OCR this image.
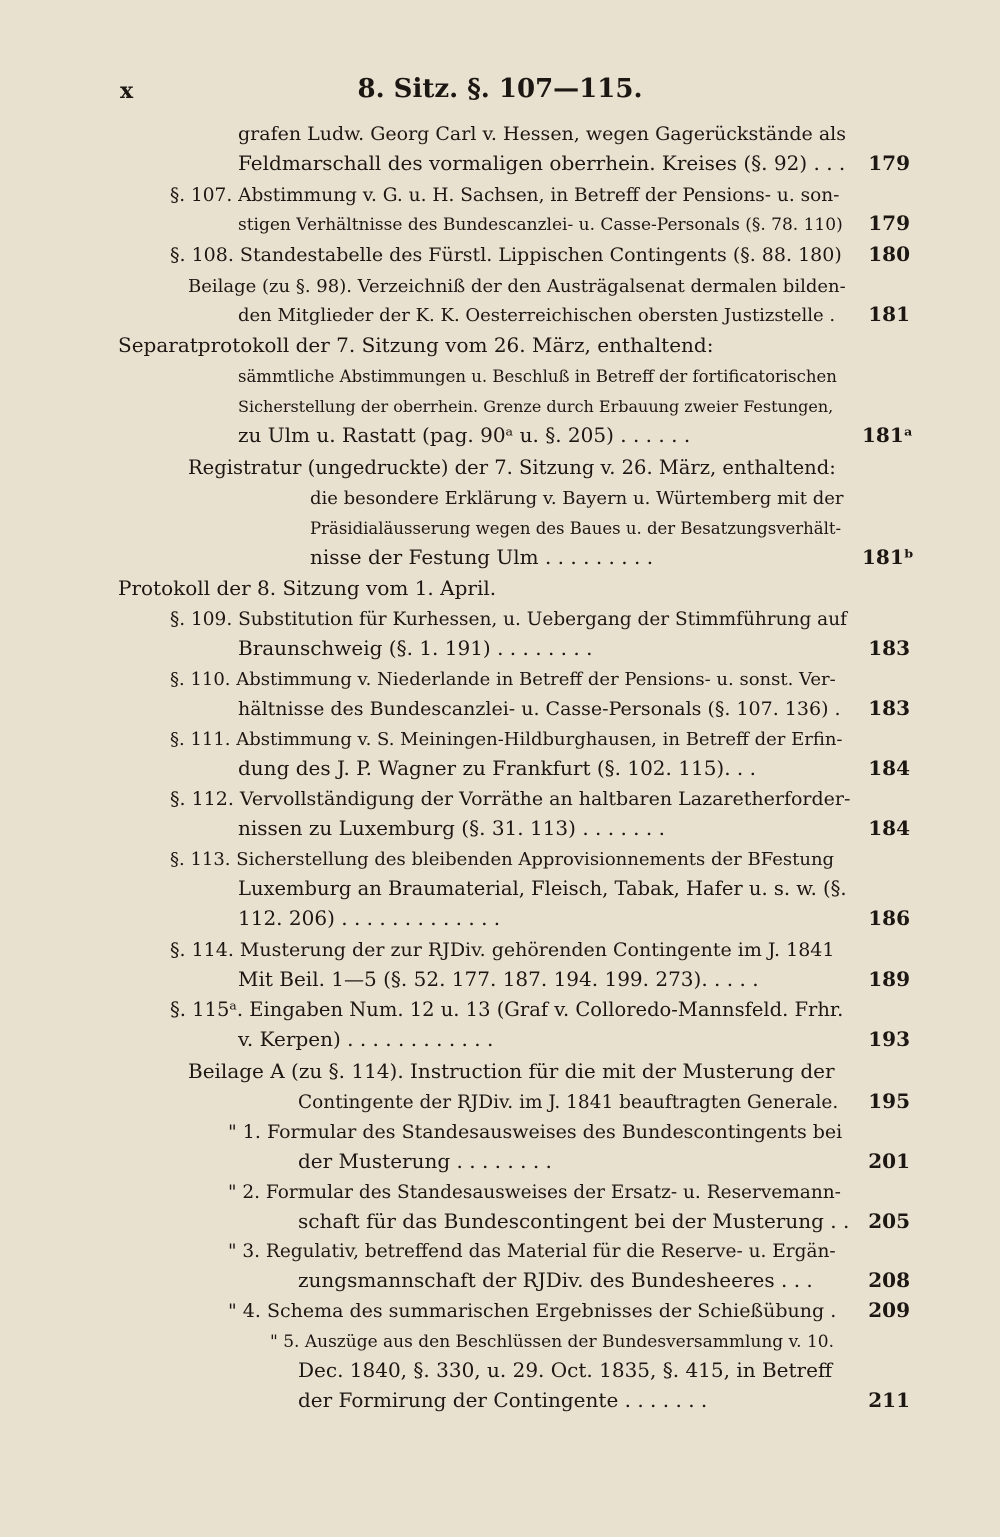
x	8. Sitz. §. 107—115.
grafen Ludw. Georg Carl v. Hessen, wegen Gagerückstände als
Feldmarschall des vormaligen oberrhein. Kreises (§. 92) . . .	179
§. 107. Abstimmung v. G. u. H. Sachsen, in Betreff der Pensions- u. son-
stigen Verhältnisse des Bundescanzlei- u. Casse-Personals (§. 78. 110)	179
§. 108. Standestabelle des Fürstl. Lippischen Contingents (§. 88. 180)	180
Beilage (zu §. 98). Verzeichniß der den Austrägalsenat dermalen bilden-
den Mitglieder der K. K. Oesterreichischen obersten Justizstelle .	181
Separatprotokoll der 7. Sitzung vom 26. März, enthaltend:
sämmtliche Abstimmungen u. Beschluß in Betreff der fortificatorischen
Sicherstellung der oberrhein. Grenze durch Erbauung zweier Festungen,
zu Ulm u. Rastatt (pag. 90ᵃ u. §. 205) . . . . . .	181ᵃ
Registratur (ungedruckte) der 7. Sitzung v. 26. März, enthaltend:
die besondere Erklärung v. Bayern u. Würtemberg mit der
Präsidialäusserung wegen des Baues u. der Besatzungsverhält-
nisse der Festung Ulm . . . . . . . . .	181ᵇ
Protokoll der 8. Sitzung vom 1. April.
§. 109. Substitution für Kurhessen, u. Uebergang der Stimmführung auf
Braunschweig (§. 1. 191) . . . . . . . .	183
§. 110. Abstimmung v. Niederlande in Betreff der Pensions- u. sonst. Ver-
hältnisse des Bundescanzlei- u. Casse-Personals (§. 107. 136) .	183
§. 111. Abstimmung v. S. Meiningen-Hildburghausen, in Betreff der Erfin-
dung des J. P. Wagner zu Frankfurt (§. 102. 115). . .	184
§. 112. Vervollständigung der Vorräthe an haltbaren Lazaretherforder-
nissen zu Luxemburg (§. 31. 113) . . . . . . .	184
§. 113. Sicherstellung des bleibenden Approvisionnements der BFestung
Luxemburg an Braumaterial, Fleisch, Tabak, Hafer u. s. w. (§.
112. 206) . . . . . . . . . . . . .	186
§. 114. Musterung der zur RJDiv. gehörenden Contingente im J. 1841
Mit Beil. 1—5 (§. 52. 177. 187. 194. 199. 273). . . . .	189
§. 115ᵃ. Eingaben Num. 12 u. 13 (Graf v. Colloredo-Mannsfeld. Frhr.
v. Kerpen) . . . . . . . . . . . .	193
Beilage A (zu §. 114). Instruction für die mit der Musterung der
Contingente der RJDiv. im J. 1841 beauftragten Generale.	195
" 1. Formular des Standesausweises des Bundescontingents bei
der Musterung . . . . . . . .	201
" 2. Formular des Standesausweises der Ersatz- u. Reservemann-
schaft für das Bundescontingent bei der Musterung . . 205
" 3. Regulativ, betreffend das Material für die Reserve- u. Ergän-
zungsmannschaft der RJDiv. des Bundesheeres . . .	208
" 4. Schema des summarischen Ergebnisses der Schießübung .	209
" 5. Auszüge aus den Beschlüssen der Bundesversammlung v. 10.
Dec. 1840, §. 330, u. 29. Oct. 1835, §. 415, in Betreff
der Formirung der Contingente . . . . . . .	211
